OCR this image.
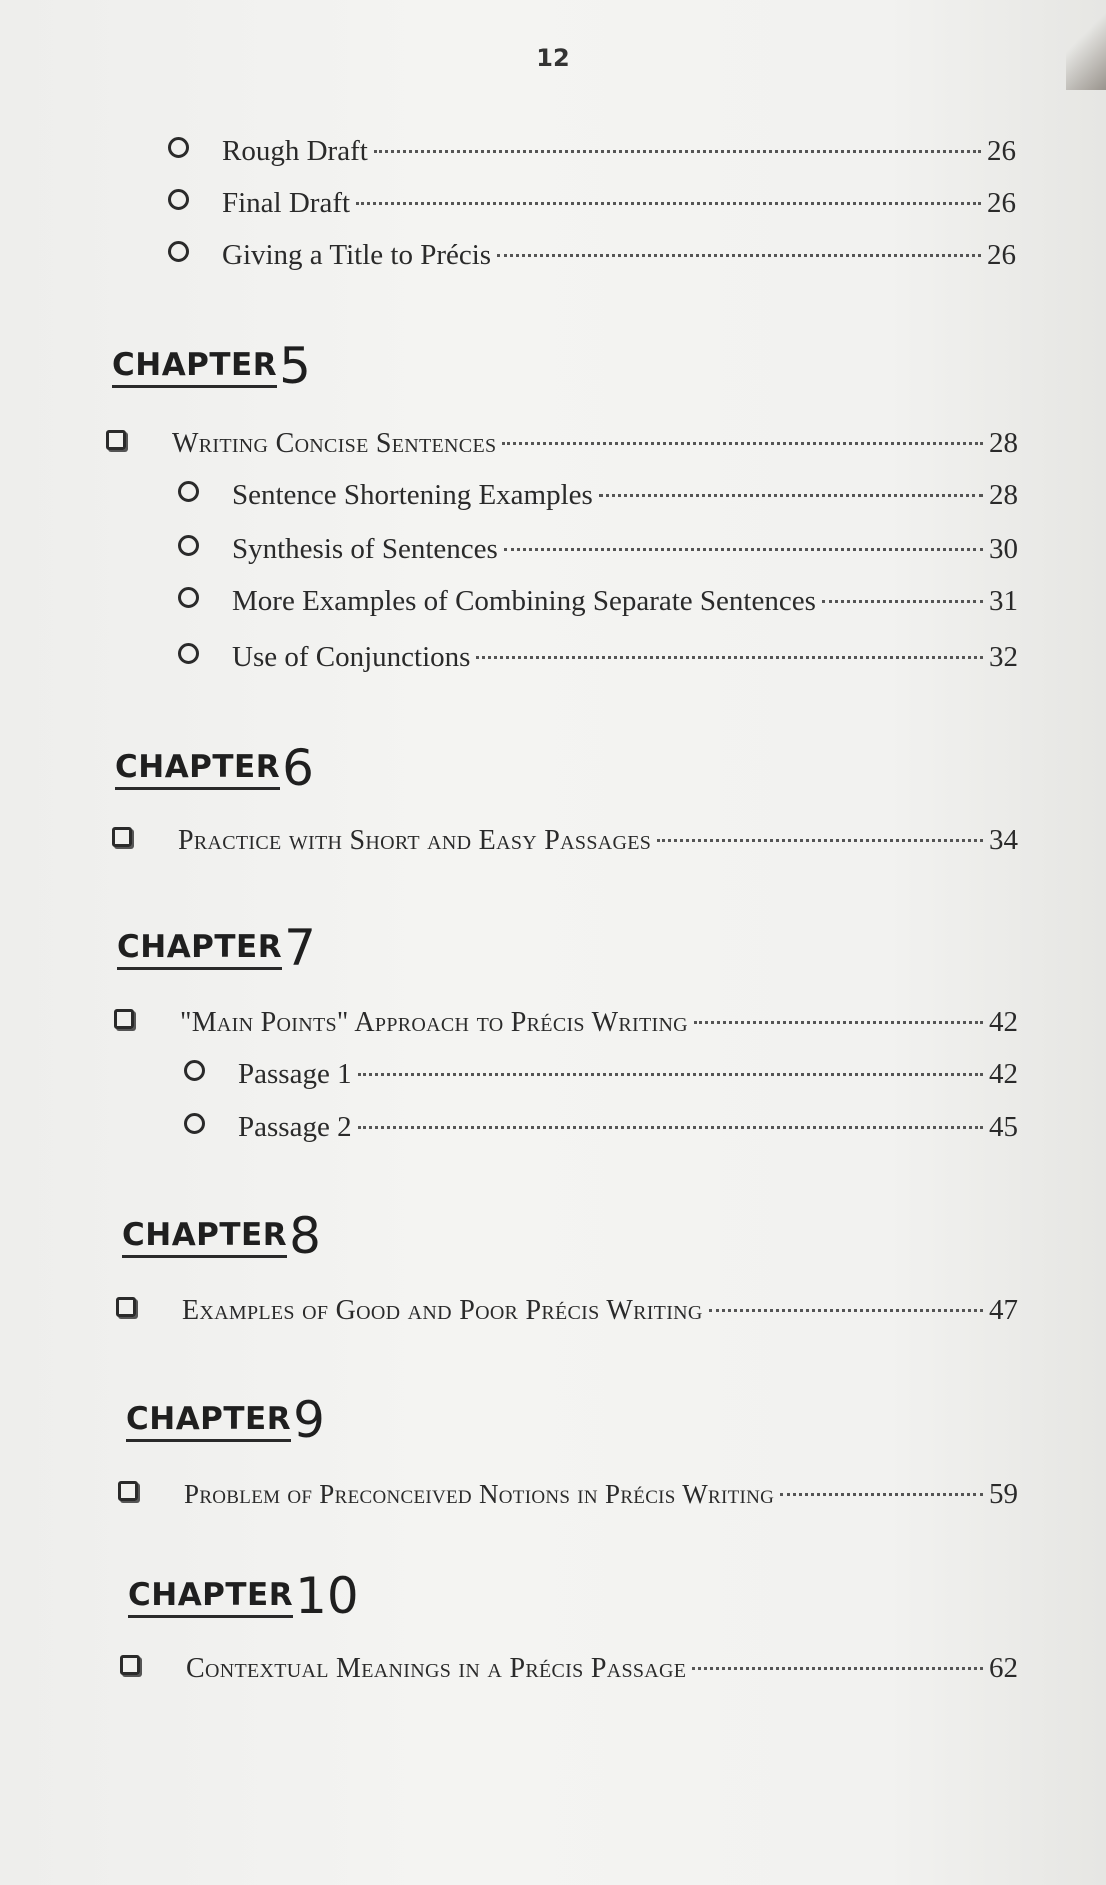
12
Rough Draft	26
Final Draft	26
Giving a Title to Précis	26
CHAPTER 5
Writing Concise Sentences	28
Sentence Shortening Examples	28
Synthesis of Sentences	30
More Examples of Combining Separate Sentences	31
Use of Conjunctions	32
CHAPTER 6
Practice with Short and Easy Passages	34
CHAPTER 7
"Main Points" Approach to Précis Writing	42
Passage 1	42
Passage 2	45
CHAPTER 8
Examples of Good and Poor Précis Writing	47
CHAPTER 9
Problem of Preconceived Notions in Précis Writing	59
CHAPTER 10
Contextual Meanings in a Précis Passage	62
